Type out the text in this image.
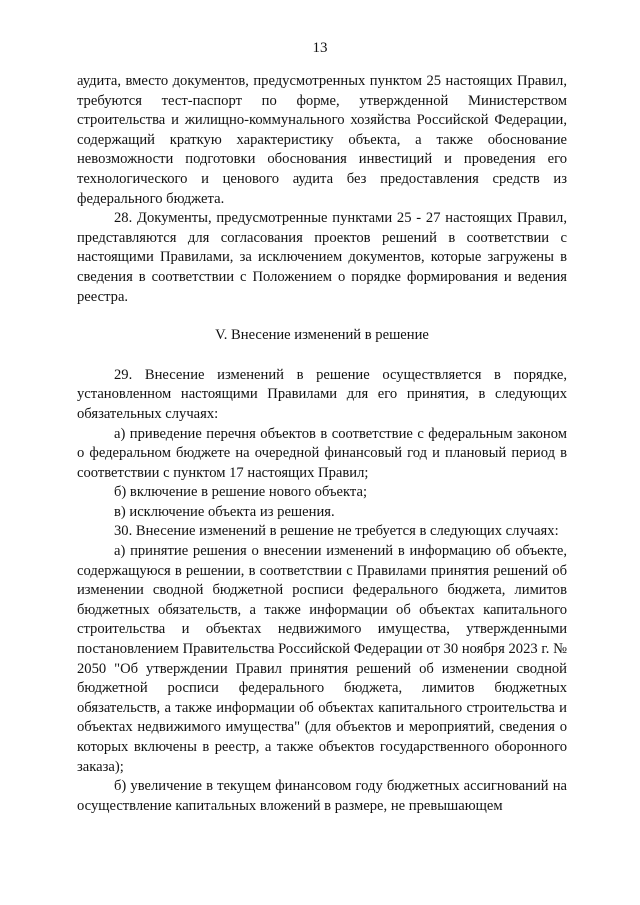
13

аудита, вместо документов, предусмотренных пунктом 25 настоящих Правил, требуются тест-паспорт по форме, утвержденной Министерством строительства и жилищно-коммунального хозяйства Российской Федерации, содержащий краткую характеристику объекта, а также обоснование невозможности подготовки обоснования инвестиций и проведения его технологического и ценового аудита без предоставления средств из федерального бюджета.

28. Документы, предусмотренные пунктами 25 - 27 настоящих Правил, представляются для согласования проектов решений в соответствии с настоящими Правилами, за исключением документов, которые загружены в сведения в соответствии с Положением о порядке формирования и ведения реестра.

V. Внесение изменений в решение

29. Внесение изменений в решение осуществляется в порядке, установленном настоящими Правилами для его принятия, в следующих обязательных случаях:

а) приведение перечня объектов в соответствие с федеральным законом о федеральном бюджете на очередной финансовый год и плановый период в соответствии с пунктом 17 настоящих Правил;

б) включение в решение нового объекта;

в) исключение объекта из решения.

30. Внесение изменений в решение не требуется в следующих случаях:

а) принятие решения о внесении изменений в информацию об объекте, содержащуюся в решении, в соответствии с Правилами принятия решений об изменении сводной бюджетной росписи федерального бюджета, лимитов бюджетных обязательств, а также информации об объектах капитального строительства и объектах недвижимого имущества, утвержденными постановлением Правительства Российской Федерации от 30 ноября 2023 г. № 2050 "Об утверждении Правил принятия решений об изменении сводной бюджетной росписи федерального бюджета, лимитов бюджетных обязательств, а также информации об объектах капитального строительства и объектах недвижимого имущества" (для объектов и мероприятий, сведения о которых включены в реестр, а также объектов государственного оборонного заказа);

б) увеличение в текущем финансовом году бюджетных ассигнований на осуществление капитальных вложений в размере, не превышающем
